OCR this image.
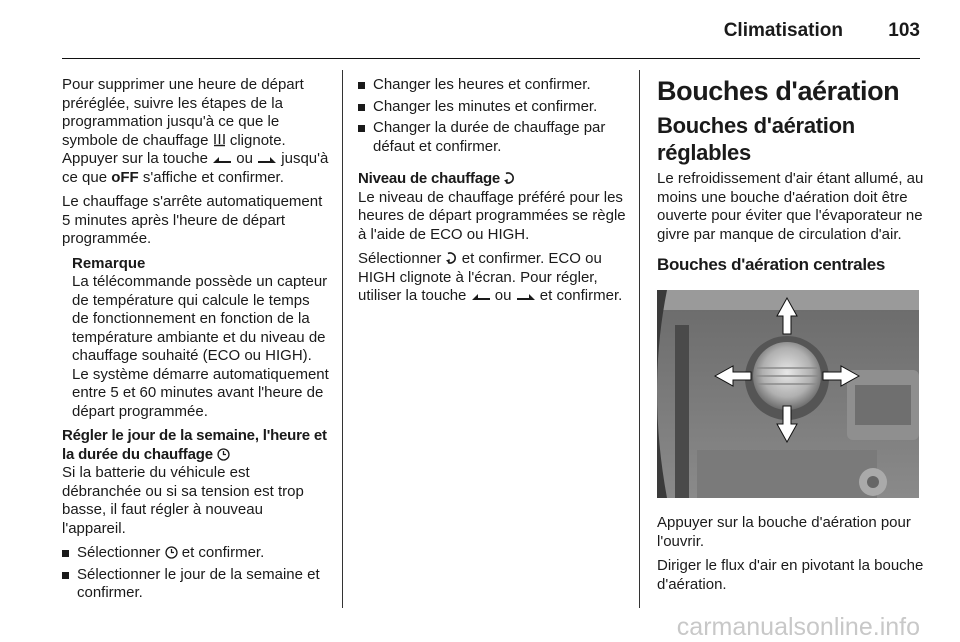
Climatisation 103

Pour supprimer une heure de départ préréglée, suivre les étapes de la programmation jusqu'à ce que le symbole de chauffage  clignote. Appuyer sur la touche  ou  jusqu'à ce que oFF s'affiche et confirmer.

Le chauffage s'arrête automatiquement 5 minutes après l'heure de départ programmée.

Remarque

La télécommande possède un capteur de température qui calcule le temps de fonctionnement en fonction de la température ambiante et du niveau de chauffage souhaité (ECO ou HIGH). Le système démarre automatiquement entre 5 et 60 minutes avant l'heure de départ programmée.

Régler le jour de la semaine, l'heure et la durée du chauffage

Si la batterie du véhicule est débranchée ou si sa tension est trop basse, il faut régler à nouveau l'appareil.

Sélectionner  et confirmer.
Sélectionner le jour de la semaine et confirmer.
Changer les heures et confirmer.
Changer les minutes et confirmer.
Changer la durée de chauffage par défaut et confirmer.

Niveau de chauffage

Le niveau de chauffage préféré pour les heures de départ programmées se règle à l'aide de ECO ou HIGH.

Sélectionner  et confirmer. ECO ou HIGH clignote à l'écran. Pour régler, utiliser la touche  ou  et confirmer.

Bouches d'aération
Bouches d'aération réglables

Le refroidissement d'air étant allumé, au moins une bouche d'aération doit être ouverte pour éviter que l'évaporateur ne givre par manque de circulation d'air.

Bouches d'aération centrales

Appuyer sur la bouche d'aération pour l'ouvrir.

Diriger le flux d'air en pivotant la bouche d'aération.

carmanualsonline.info
